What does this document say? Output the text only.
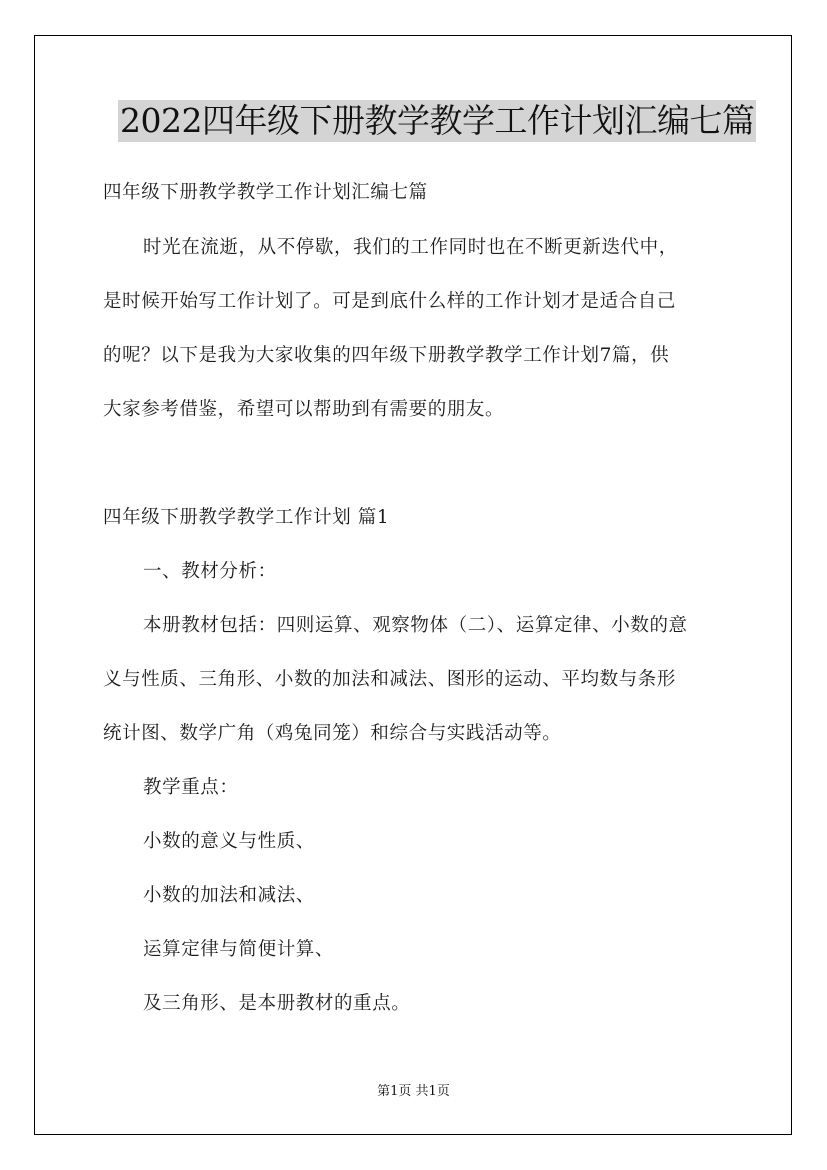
2022四年级下册教学教学工作计划汇编七篇
四年级下册教学教学工作计划汇编七篇
时光在流逝，从不停歇，我们的工作同时也在不断更新迭代中，
是时候开始写工作计划了。可是到底什么样的工作计划才是适合自己
的呢？以下是我为大家收集的四年级下册教学教学工作计划7篇，供
大家参考借鉴，希望可以帮助到有需要的朋友。
四年级下册教学教学工作计划 篇1
一、教材分析：
本册教材包括：四则运算、观察物体（二）、运算定律、小数的意
义与性质、三角形、小数的加法和减法、图形的运动、平均数与条形
统计图、数学广角（鸡兔同笼）和综合与实践活动等。
教学重点：
小数的意义与性质、
小数的加法和减法、
运算定律与简便计算、
及三角形、是本册教材的重点。
第1页 共1页
